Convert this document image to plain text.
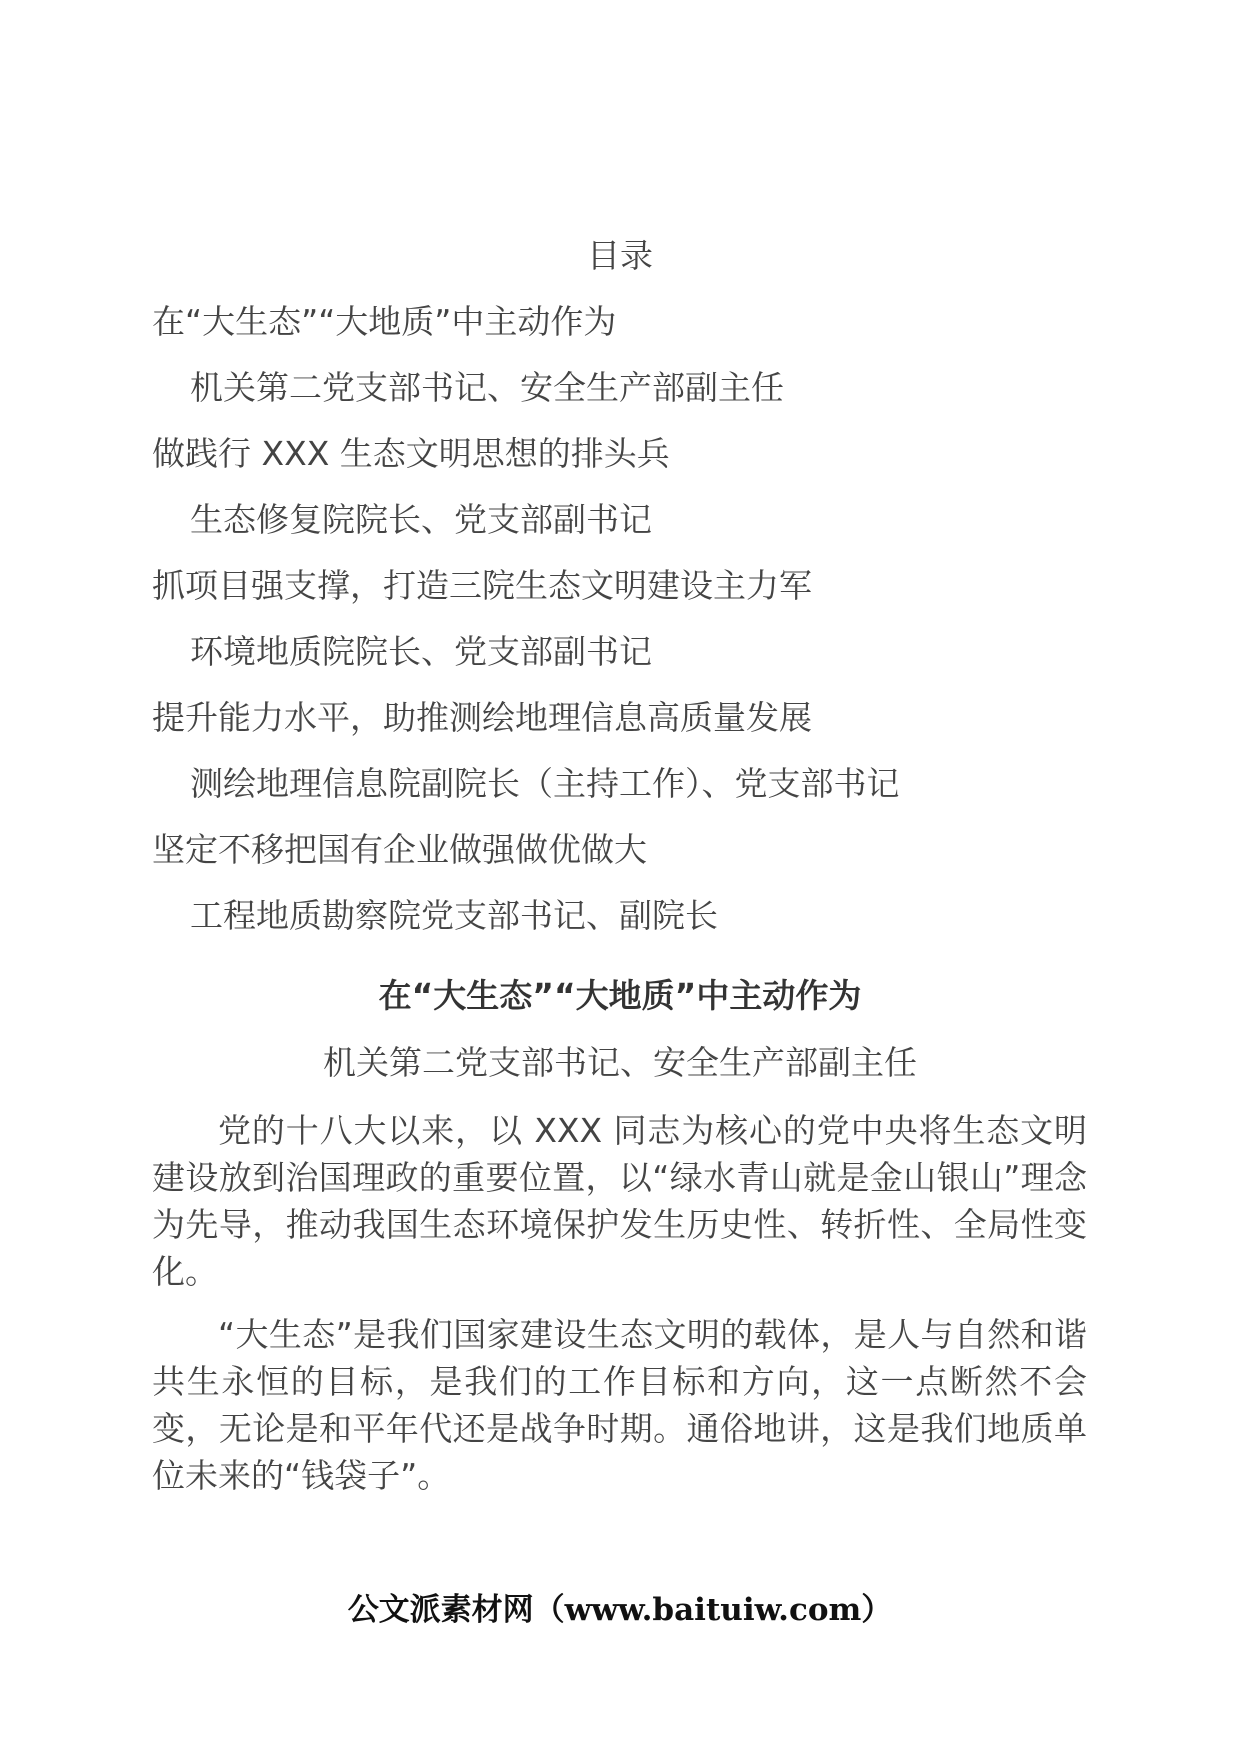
目录
在“大生态”“大地质”中主动作为
机关第二党支部书记、安全生产部副主任
做践行 XXX 生态文明思想的排头兵
生态修复院院长、党支部副书记
抓项目强支撑，打造三院生态文明建设主力军
环境地质院院长、党支部副书记
提升能力水平，助推测绘地理信息高质量发展
测绘地理信息院副院长（主持工作）、党支部书记
坚定不移把国有企业做强做优做大
工程地质勘察院党支部书记、副院长
在“大生态”“大地质”中主动作为
机关第二党支部书记、安全生产部副主任

党的十八大以来，以 XXX 同志为核心的党中央将生态文明建设放到治国理政的重要位置，以“绿水青山就是金山银山”理念为先导，推动我国生态环境保护发生历史性、转折性、全局性变化。

“大生态”是我们国家建设生态文明的载体，是人与自然和谐共生永恒的目标，是我们的工作目标和方向，这一点断然不会变，无论是和平年代还是战争时期。通俗地讲，这是我们地质单位未来的“钱袋子”。

公文派素材网（www.baituiw.com）
